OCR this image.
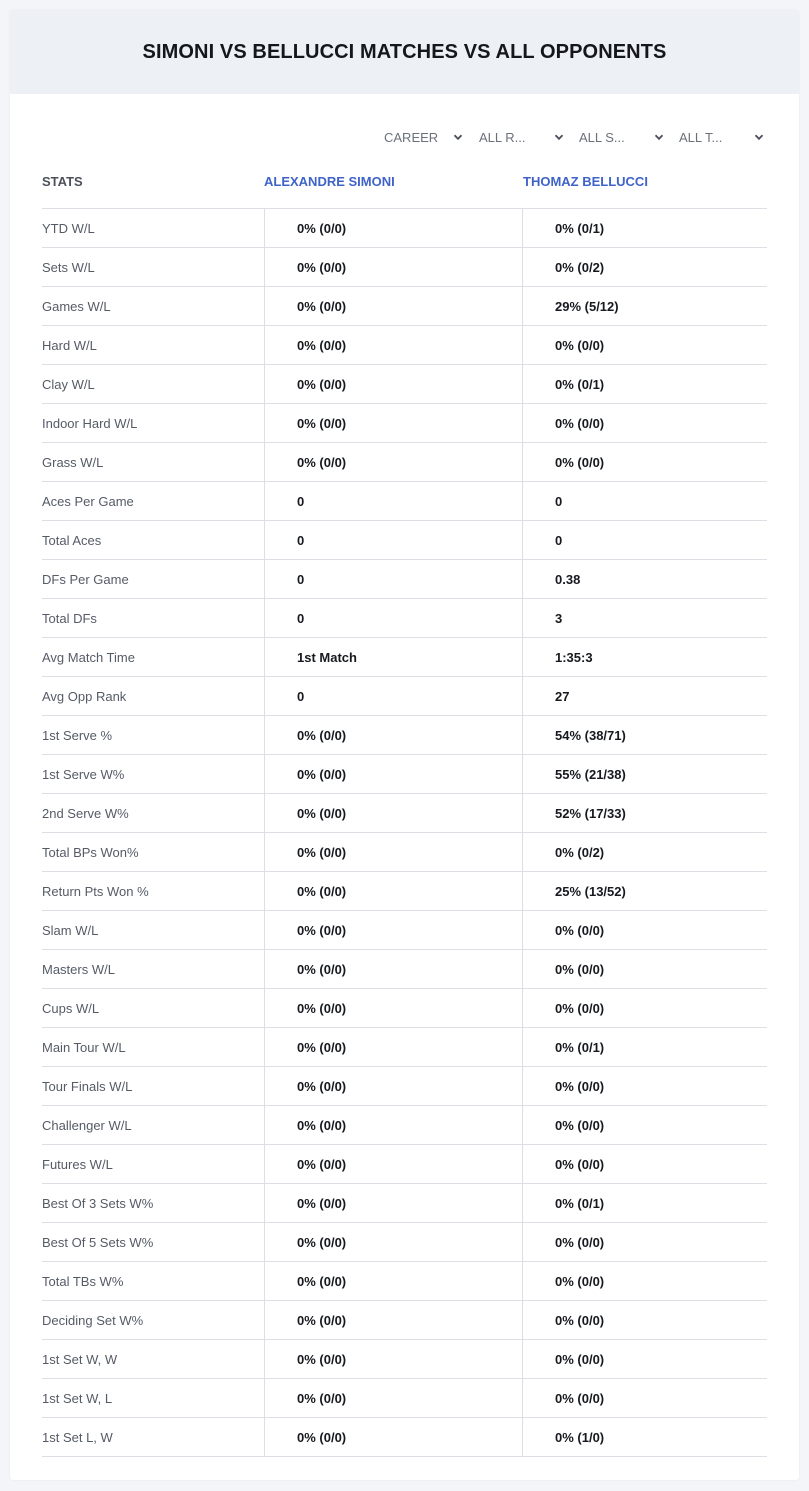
SIMONI VS BELLUCCI MATCHES VS ALL OPPONENTS
CAREER	ALL R...	ALL S...	ALL T...
STATS	ALEXANDRE SIMONI	THOMAZ BELLUCCI
YTD W/L	0% (0/0)	0% (0/1)
Sets W/L	0% (0/0)	0% (0/2)
Games W/L	0% (0/0)	29% (5/12)
Hard W/L	0% (0/0)	0% (0/0)
Clay W/L	0% (0/0)	0% (0/1)
Indoor Hard W/L	0% (0/0)	0% (0/0)
Grass W/L	0% (0/0)	0% (0/0)
Aces Per Game	0	0
Total Aces	0	0
DFs Per Game	0	0.38
Total DFs	0	3
Avg Match Time	1st Match	1:35:3
Avg Opp Rank	0	27
1st Serve %	0% (0/0)	54% (38/71)
1st Serve W%	0% (0/0)	55% (21/38)
2nd Serve W%	0% (0/0)	52% (17/33)
Total BPs Won%	0% (0/0)	0% (0/2)
Return Pts Won %	0% (0/0)	25% (13/52)
Slam W/L	0% (0/0)	0% (0/0)
Masters W/L	0% (0/0)	0% (0/0)
Cups W/L	0% (0/0)	0% (0/0)
Main Tour W/L	0% (0/0)	0% (0/1)
Tour Finals W/L	0% (0/0)	0% (0/0)
Challenger W/L	0% (0/0)	0% (0/0)
Futures W/L	0% (0/0)	0% (0/0)
Best Of 3 Sets W%	0% (0/0)	0% (0/1)
Best Of 5 Sets W%	0% (0/0)	0% (0/0)
Total TBs W%	0% (0/0)	0% (0/0)
Deciding Set W%	0% (0/0)	0% (0/0)
1st Set W, W	0% (0/0)	0% (0/0)
1st Set W, L	0% (0/0)	0% (0/0)
1st Set L, W	0% (0/0)	0% (1/0)
